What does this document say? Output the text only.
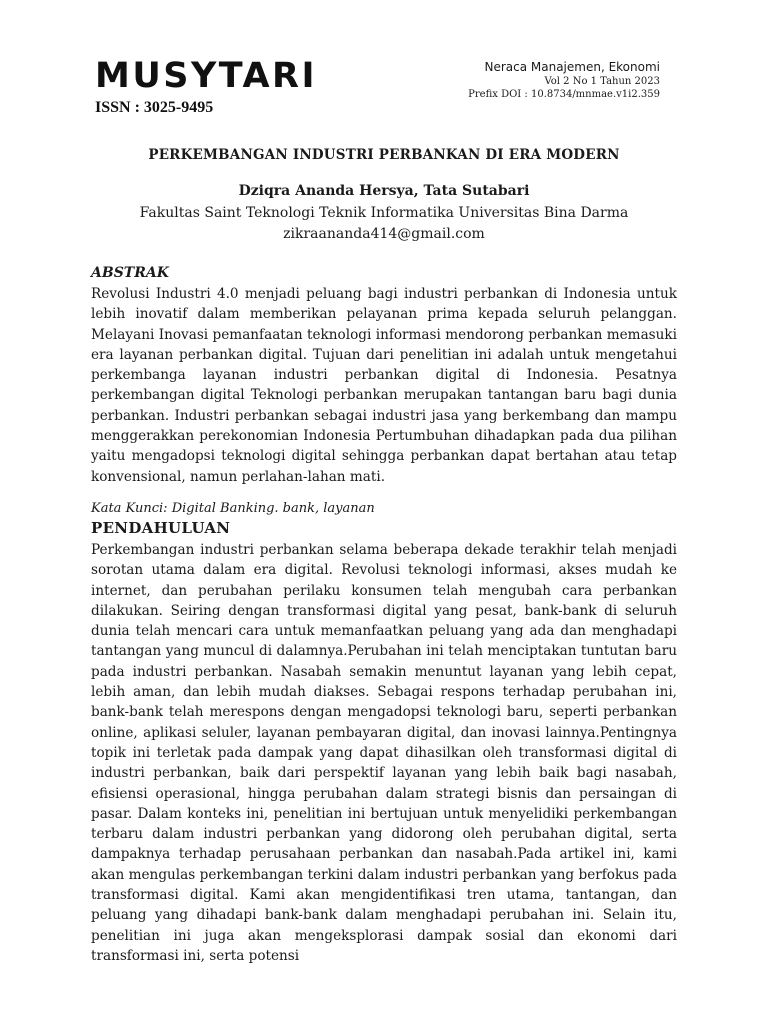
MUSYTARI
ISSN : 3025-9495
Neraca Manajemen, Ekonomi
Vol 2 No 1 Tahun 2023
Prefix DOI : 10.8734/mnmae.v1i2.359
PERKEMBANGAN INDUSTRI PERBANKAN DI ERA MODERN
Dziqra Ananda Hersya, Tata Sutabari
Fakultas Saint Teknologi Teknik Informatika Universitas Bina Darma
zikraananda414@gmail.com
ABSTRAK

Revolusi Industri 4.0 menjadi peluang bagi industri perbankan di Indonesia untuk lebih inovatif dalam memberikan pelayanan prima kepada seluruh pelanggan. Melayani Inovasi pemanfaatan teknologi informasi mendorong perbankan memasuki era layanan perbankan digital. Tujuan dari penelitian ini adalah untuk mengetahui perkembanga layanan industri perbankan digital di Indonesia. Pesatnya perkembangan digital Teknologi perbankan merupakan tantangan baru bagi dunia perbankan. Industri perbankan sebagai industri jasa yang berkembang dan mampu menggerakkan perekonomian Indonesia Pertumbuhan dihadapkan pada dua pilihan yaitu mengadopsi teknologi digital sehingga perbankan dapat bertahan atau tetap konvensional, namun perlahan-lahan mati.

Kata Kunci: Digital Banking. bank, layanan
PENDAHULUAN

Perkembangan industri perbankan selama beberapa dekade terakhir telah menjadi sorotan utama dalam era digital. Revolusi teknologi informasi, akses mudah ke internet, dan perubahan perilaku konsumen telah mengubah cara perbankan dilakukan. Seiring dengan transformasi digital yang pesat, bank-bank di seluruh dunia telah mencari cara untuk memanfaatkan peluang yang ada dan menghadapi tantangan yang muncul di dalamnya.Perubahan ini telah menciptakan tuntutan baru pada industri perbankan. Nasabah semakin menuntut layanan yang lebih cepat, lebih aman, dan lebih mudah diakses. Sebagai respons terhadap perubahan ini, bank-bank telah merespons dengan mengadopsi teknologi baru, seperti perbankan online, aplikasi seluler, layanan pembayaran digital, dan inovasi lainnya.Pentingnya topik ini terletak pada dampak yang dapat dihasilkan oleh transformasi digital di industri perbankan, baik dari perspektif layanan yang lebih baik bagi nasabah, efisiensi operasional, hingga perubahan dalam strategi bisnis dan persaingan di pasar. Dalam konteks ini, penelitian ini bertujuan untuk menyelidiki perkembangan terbaru dalam industri perbankan yang didorong oleh perubahan digital, serta dampaknya terhadap perusahaan perbankan dan nasabah.Pada artikel ini, kami akan mengulas perkembangan terkini dalam industri perbankan yang berfokus pada transformasi digital. Kami akan mengidentifikasi tren utama, tantangan, dan peluang yang dihadapi bank-bank dalam menghadapi perubahan ini. Selain itu, penelitian ini juga akan mengeksplorasi dampak sosial dan ekonomi dari transformasi ini, serta potensi
